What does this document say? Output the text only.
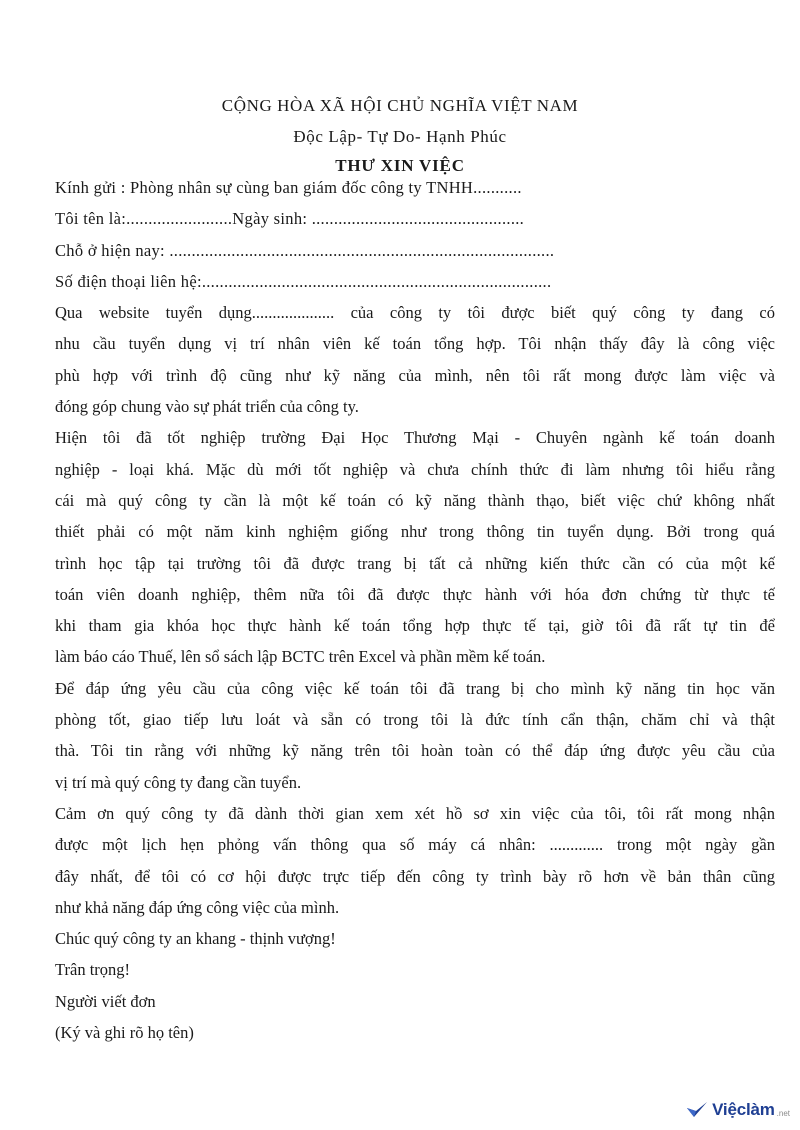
CỘNG HÒA XÃ HỘI CHỦ NGHĨA VIỆT NAM
Độc Lập- Tự Do- Hạnh Phúc
THƯ XIN VIỆC
Kính gửi : Phòng nhân sự cùng ban giám đốc công ty TNHH...........
Tôi tên là:........................Ngày sinh: ................................................
Chỗ ở hiện nay: .......................................................................................
Số điện thoại liên hệ:...............................................................................
Qua website tuyển dụng.................... của công ty tôi được biết quý công ty đang có
nhu cầu tuyển dụng vị trí nhân viên kế toán tổng hợp. Tôi nhận thấy đây là công việc
phù hợp với trình độ cũng như kỹ năng của mình, nên tôi rất mong được làm việc và
đóng góp chung vào sự phát triển của công ty.
Hiện tôi đã tốt nghiệp trường Đại Học Thương Mại - Chuyên ngành kế toán doanh
nghiệp - loại khá. Mặc dù mới tốt nghiệp và chưa chính thức đi làm nhưng tôi hiểu rằng
cái mà quý công ty cần là một kế toán có kỹ năng thành thạo, biết việc chứ không nhất
thiết phải có một năm kinh nghiệm giống như trong thông tin tuyển dụng. Bởi trong quá
trình học tập tại trường tôi đã được trang bị tất cả những kiến thức cần có của một kế
toán viên doanh nghiệp, thêm nữa tôi đã được thực hành với hóa đơn chứng từ thực tế
khi tham gia khóa học thực hành kế toán tổng hợp thực tế tại, giờ tôi đã rất tự tin để
làm báo cáo Thuế, lên sổ sách lập BCTC trên Excel và phần mềm kế toán.
Để đáp ứng yêu cầu của công việc kế toán tôi đã trang bị cho mình kỹ năng tin học văn
phòng tốt, giao tiếp lưu loát và sẵn có trong tôi là đức tính cẩn thận, chăm chỉ và thật
thà. Tôi tin rằng với những kỹ năng trên tôi hoàn toàn có thể đáp ứng được yêu cầu của
vị trí mà quý công ty đang cần tuyển.
Cảm ơn quý công ty đã dành thời gian xem xét hồ sơ xin việc của tôi, tôi rất mong nhận
được một lịch hẹn phỏng vấn thông qua số máy cá nhân: ............. trong một ngày gần
đây nhất, để tôi có cơ hội được trực tiếp đến công ty trình bày rõ hơn về bản thân cũng
như khả năng đáp ứng công việc của mình.
Chúc quý công ty an khang - thịnh vượng!
Trân trọng!
Người viết đơn
(Ký và ghi rõ họ tên)
Việclàm .net
